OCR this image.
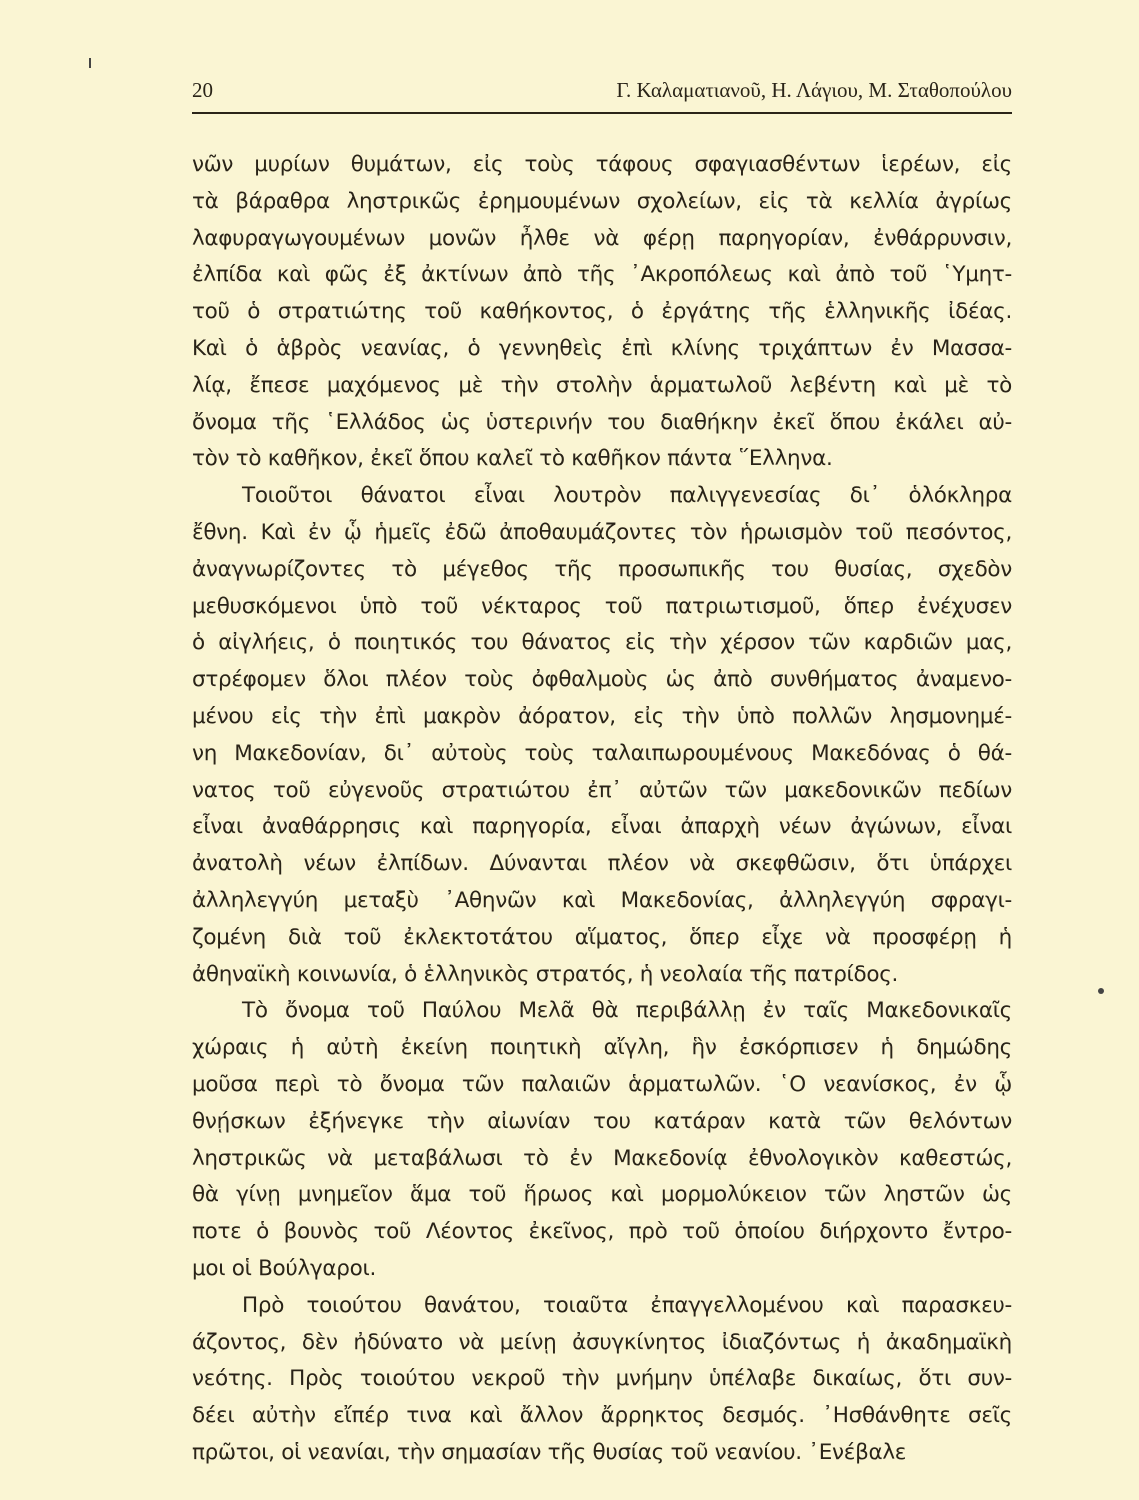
20	Γ. Καλαματιανοῦ, Η. Λάγιου, Μ. Σταθοπούλου
νῶν μυρίων θυμάτων, εἰς τοὺς τάφους σφαγιασθέντων ἱερέων, εἰς
τὰ βάραθρα ληστρικῶς ἐρημουμένων σχολείων, εἰς τὰ κελλία ἀγρίως
λαφυραγωγουμένων μονῶν ἦλθε νὰ φέρῃ παρηγορίαν, ἐνθάρρυνσιν,
ἐλπίδα καὶ φῶς ἐξ ἀκτίνων ἀπὸ τῆς ᾿Ακροπόλεως καὶ ἀπὸ τοῦ ῾Υμητ-
τοῦ ὁ στρατιώτης τοῦ καθήκοντος, ὁ ἐργάτης τῆς ἑλληνικῆς ἰδέας.
Καὶ ὁ ἁβρὸς νεανίας, ὁ γεννηθεὶς ἐπὶ κλίνης τριχάπτων ἐν Μασσα-
λίᾳ, ἔπεσε μαχόμενος μὲ τὴν στολὴν ἁρματωλοῦ λεβέντη καὶ μὲ τὸ
ὄνομα τῆς ῾Ελλάδος ὡς ὑστερινήν του διαθήκην ἐκεῖ ὅπου ἐκάλει αὐ-
τὸν τὸ καθῆκον, ἐκεῖ ὅπου καλεῖ τὸ καθῆκον πάντα ῞Ελληνα.
Τοιοῦτοι θάνατοι εἶναι λουτρὸν παλιγγενεσίας δι᾿ ὁλόκληρα
ἔθνη. Καὶ ἐν ᾧ ἡμεῖς ἐδῶ ἀποθαυμάζοντες τὸν ἡρωισμὸν τοῦ πεσόντος,
ἀναγνωρίζοντες τὸ μέγεθος τῆς προσωπικῆς του θυσίας, σχεδὸν
μεθυσκόμενοι ὑπὸ τοῦ νέκταρος τοῦ πατριωτισμοῦ, ὅπερ ἐνέχυσεν
ὁ αἰγλήεις, ὁ ποιητικός του θάνατος εἰς τὴν χέρσον τῶν καρδιῶν μας,
στρέφομεν ὅλοι πλέον τοὺς ὀφθαλμοὺς ὡς ἀπὸ συνθήματος ἀναμενο-
μένου εἰς τὴν ἐπὶ μακρὸν ἀόρατον, εἰς τὴν ὑπὸ πολλῶν λησμονημέ-
νη Μακεδονίαν, δι᾿ αὐτοὺς τοὺς ταλαιπωρουμένους Μακεδόνας ὁ θά-
νατος τοῦ εὐγενοῦς στρατιώτου ἐπ᾿ αὐτῶν τῶν μακεδονικῶν πεδίων
εἶναι ἀναθάρρησις καὶ παρηγορία, εἶναι ἀπαρχὴ νέων ἀγώνων, εἶναι
ἀνατολὴ νέων ἐλπίδων. Δύνανται πλέον νὰ σκεφθῶσιν, ὅτι ὑπάρχει
ἀλληλεγγύη μεταξὺ ᾿Αθηνῶν καὶ Μακεδονίας, ἀλληλεγγύη σφραγι-
ζομένη διὰ τοῦ ἐκλεκτοτάτου αἵματος, ὅπερ εἶχε νὰ προσφέρῃ ἡ
ἀθηναϊκὴ κοινωνία, ὁ ἑλληνικὸς στρατός, ἡ νεολαία τῆς πατρίδος.
Τὸ ὄνομα τοῦ Παύλου Μελᾶ θὰ περιβάλλῃ ἐν ταῖς Μακεδονικαῖς
χώραις ἡ αὐτὴ ἐκείνη ποιητικὴ αἴγλη, ἣν ἐσκόρπισεν ἡ δημώδης
μοῦσα περὶ τὸ ὄνομα τῶν παλαιῶν ἁρματωλῶν. ῾Ο νεανίσκος, ἐν ᾧ
θνῄσκων ἐξήνεγκε τὴν αἰωνίαν του κατάραν κατὰ τῶν θελόντων
ληστρικῶς νὰ μεταβάλωσι τὸ ἐν Μακεδονίᾳ ἐθνολογικὸν καθεστώς,
θὰ γίνῃ μνημεῖον ἅμα τοῦ ἥρωος καὶ μορμολύκειον τῶν ληστῶν ὡς
ποτε ὁ βουνὸς τοῦ Λέοντος ἐκεῖνος, πρὸ τοῦ ὁποίου διήρχοντο ἔντρο-
μοι οἱ Βούλγαροι.
Πρὸ τοιούτου θανάτου, τοιαῦτα ἐπαγγελλομένου καὶ παρασκευ-
άζοντος, δὲν ἠδύνατο νὰ μείνῃ ἀσυγκίνητος ἰδιαζόντως ἡ ἀκαδημαϊκὴ
νεότης. Πρὸς τοιούτου νεκροῦ τὴν μνήμην ὑπέλαβε δικαίως, ὅτι συν-
δέει αὐτὴν εἴπέρ τινα καὶ ἄλλον ἄρρηκτος δεσμός. ᾿Ησθάνθητε σεῖς
πρῶτοι, οἱ νεανίαι, τὴν σημασίαν τῆς θυσίας τοῦ νεανίου. ᾿Ενέβαλε
